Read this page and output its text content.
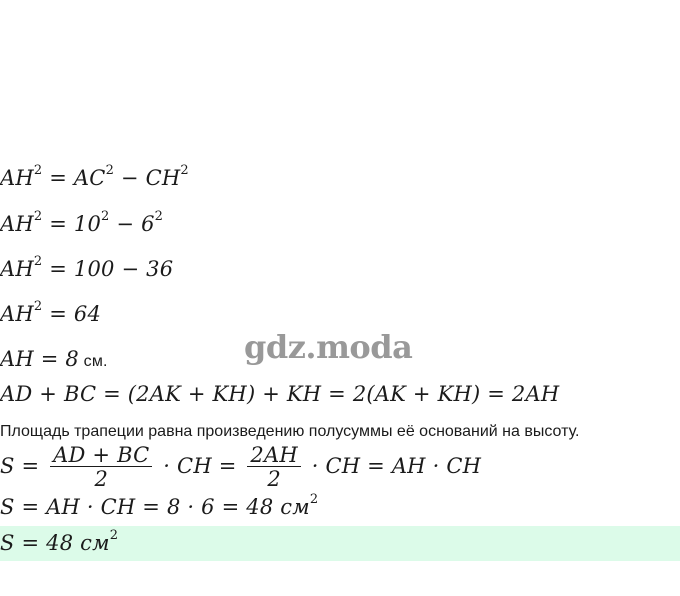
$AH^2 = AC^2 - CH^2$
$AH^2 = 10^2 - 6^2$
$AH^2 = 100 - 36$
$AH^2 = 64$
AH = 8 см.	gdz.moda
AD + BC = (2AK + KH) + KH = 2(AK + KH) = 2AH
Площадь трапеции равна произведению полусуммы её оснований на высоту.
$S = \frac{AD + BC}{2}$ · CH = $\frac{2AH}{2}$ · CH = AH · CH
S = AH · CH = 8 · 6 = 48 $см^2$
S = 48 $см^2$
